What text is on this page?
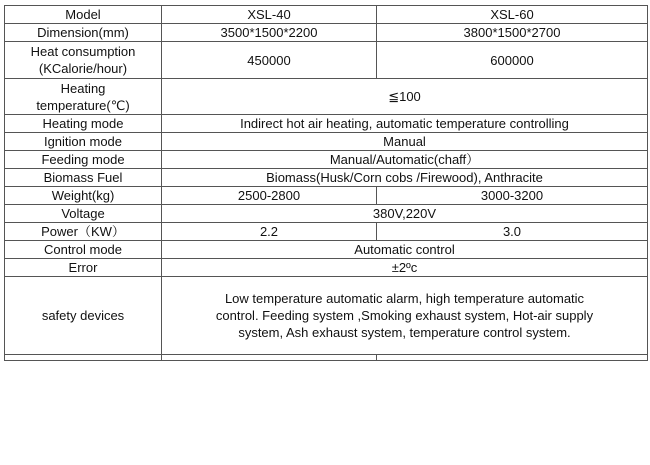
Model	XSL-40	XSL-60
Dimension(mm)	3500*1500*2200	3800*1500*2700

Heat consumption
(KCalorie/hour)	450000	600000

Heating
temperature(℃)	≦100	
Heating mode	Indirect hot air heating, automatic temperature controlling	
Ignition mode	Manual	
Feeding mode	Manual/Automatic(chaff）	
Biomass Fuel	Biomass(Husk/Corn cobs /Firewood), Anthracite	
Weight(kg)	2500-2800	3000-3200
Voltage	380V,220V	
Power（KW）	2.2	3.0
Control mode	Automatic control	
Error	±2ºc	
safety devices	Low temperature automatic alarm, high temperature automatic
control. Feeding system ,Smoking exhaust system, Hot-air supply
system, Ash exhaust system, temperature control system.	
